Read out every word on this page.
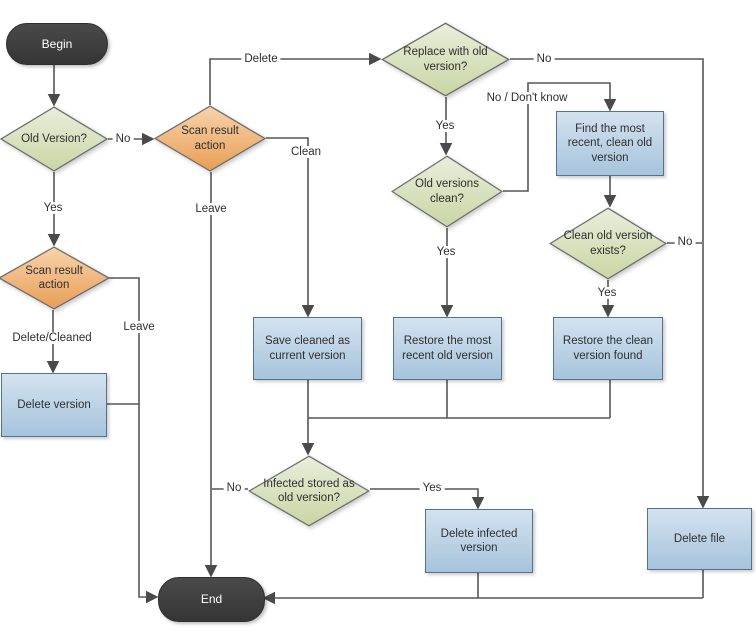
Begin
Old Version?
Scan result action
Replace with old version?
Find the most recent, clean old version
Old versions clean?
Clean old version exists?
Scan result action
Delete version
Save cleaned as current version
Restore the most recent old version
Restore the clean version found
Infected stored as old version?
Delete infected version
Delete file
End
No
Yes
Delete
Clean
Leave
No
Yes
No / Don't know
Yes
No
Yes
Delete/Cleaned
Leave
No	Yes
